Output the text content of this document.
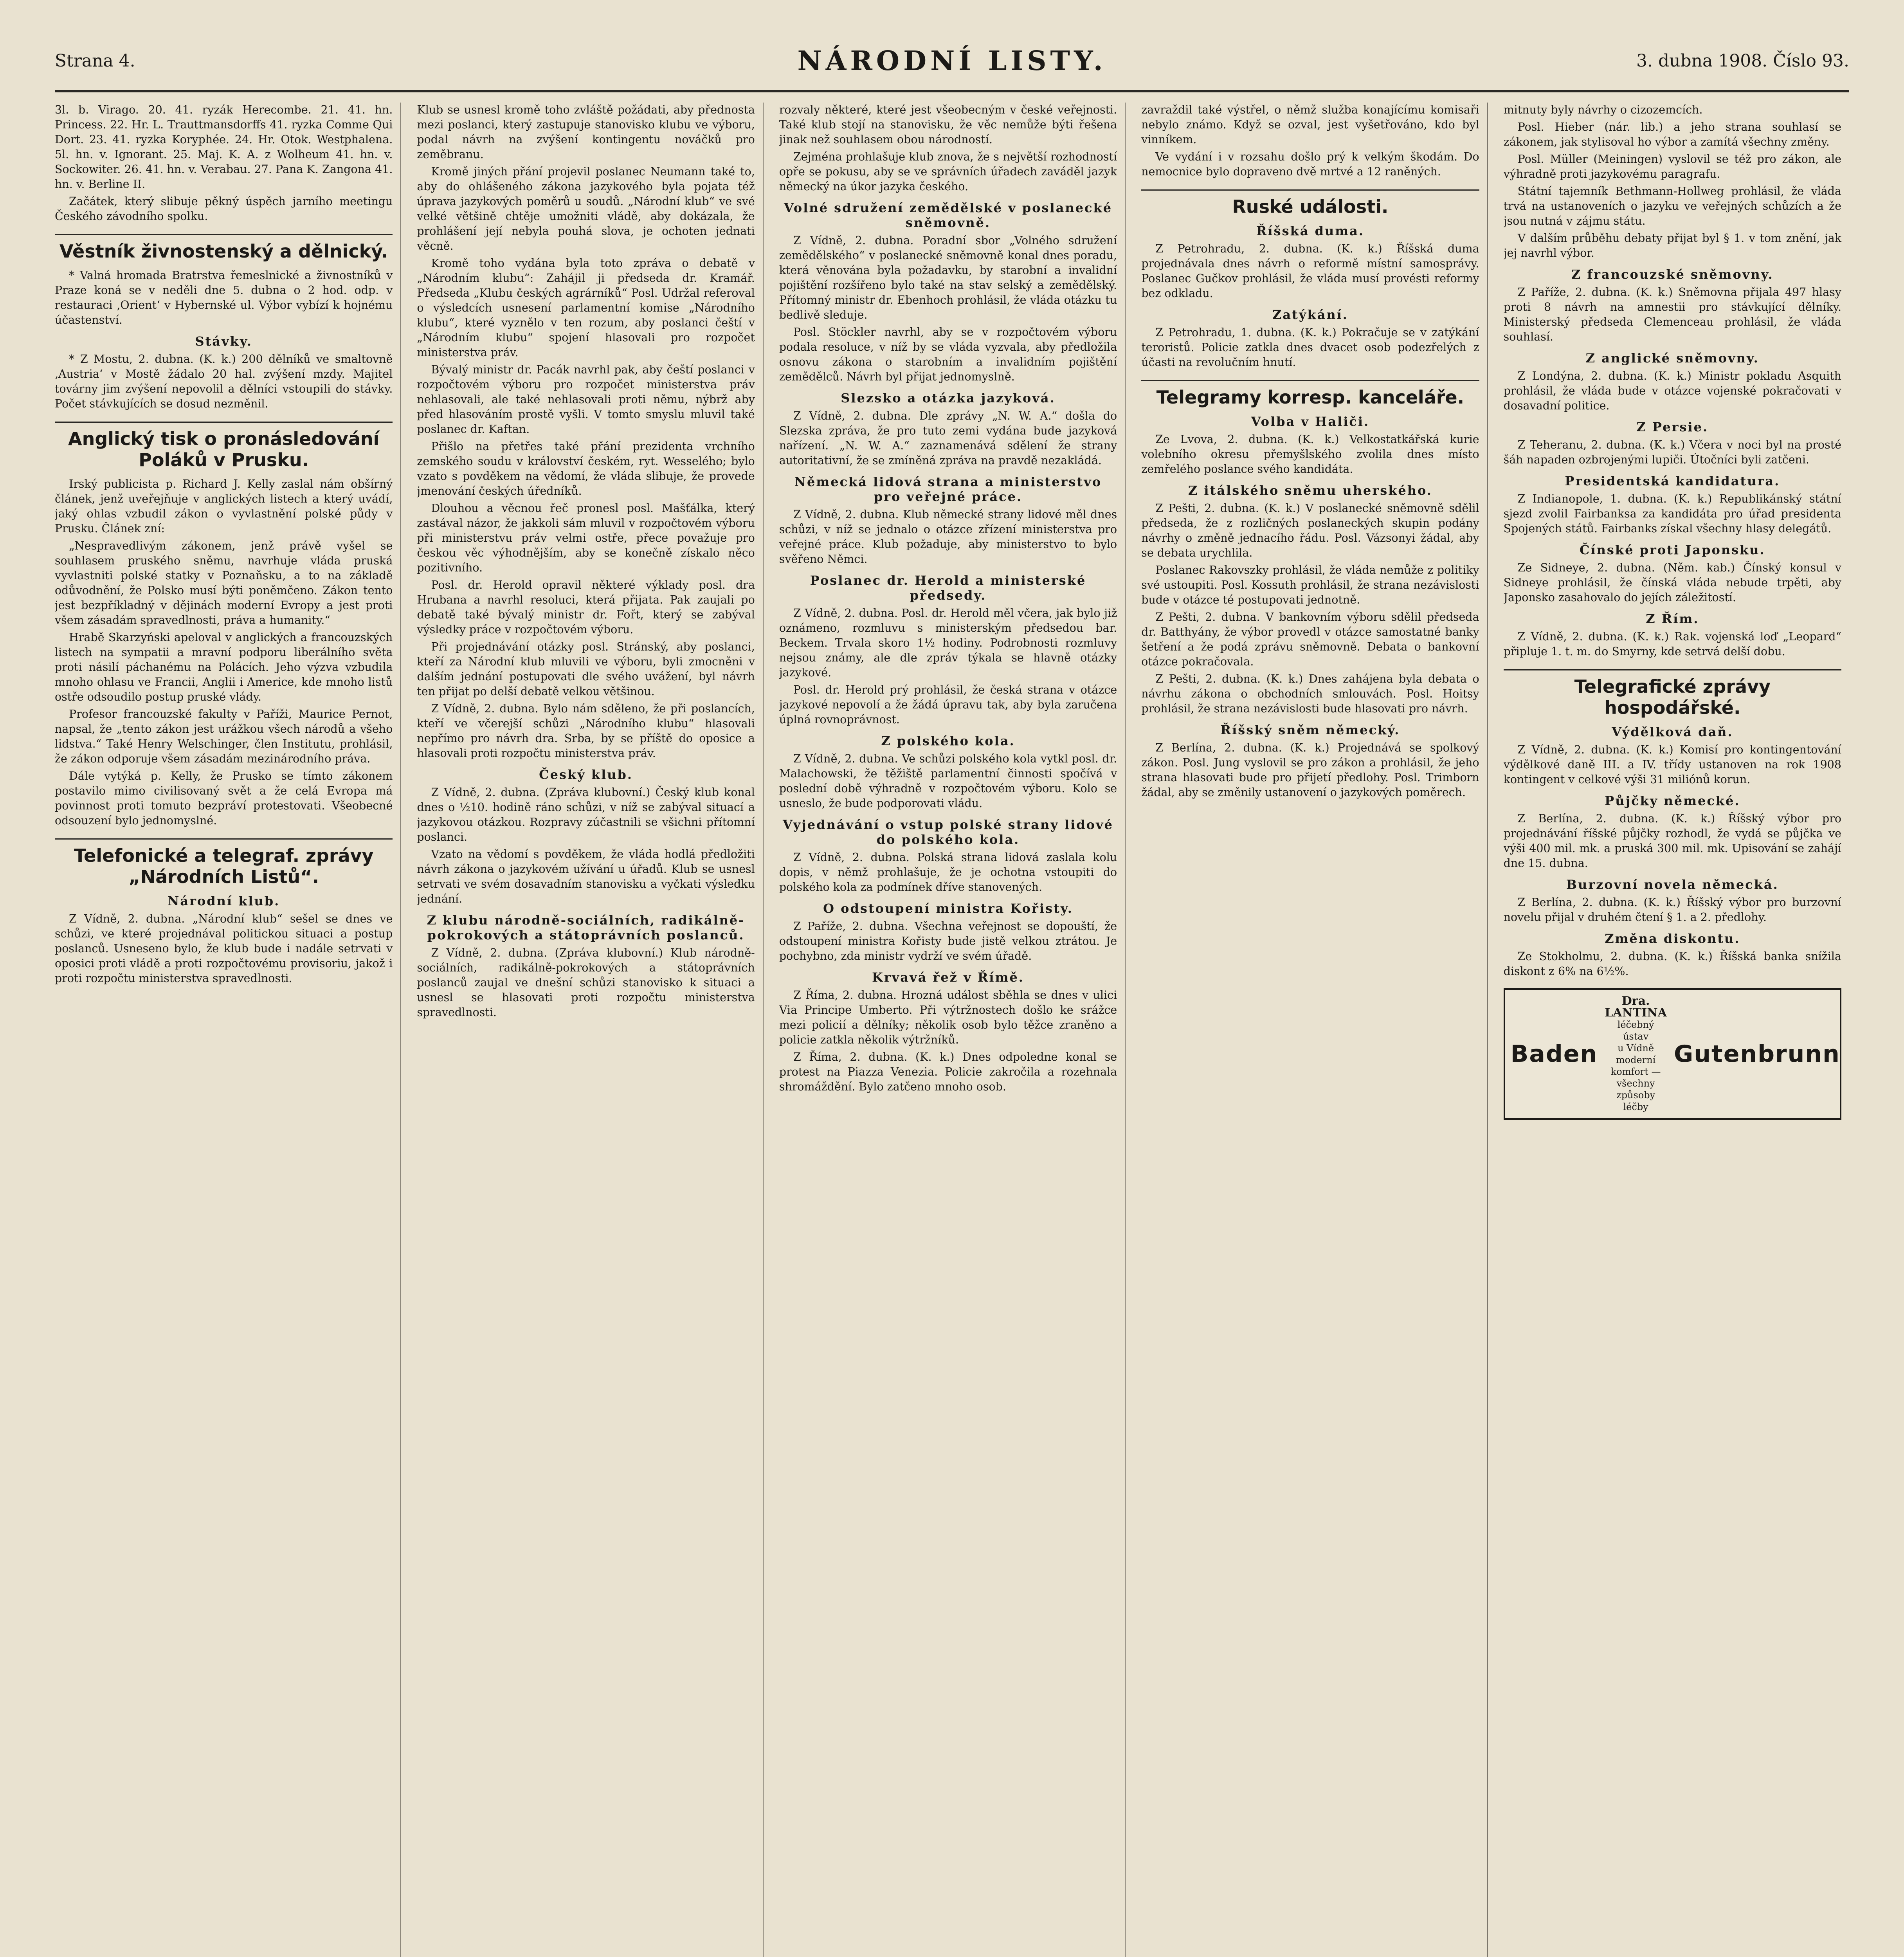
Strana 4.	NÁRODNÍ LISTY.	3. dubna 1908. Číslo 93.

3l. b. Virago. 20. 41. ryzák Herecombe. 21. 41. hn. Princess. 22. Hr. L. Trauttmansdorffs 41. ryzka Comme Qui Dort. 23. 41. ryzka Koryphée. 24. Hr. Otok. Westphalena. 5l. hn. v. Ignorant. 25. Maj. K. A. z Wolheum 41. hn. v. Sockowiter. 26. 41. hn. v. Verabau. 27. Pana K. Zangona 41. hn. v. Berline II.

Začátek, který slibuje pěkný úspěch jarního meetingu Českého závodního spolku.

Věstník živnostenský a dělnický.

* Valná hromada Bratrstva řemeslnické a živnostníků v Praze koná se v neděli dne 5. dubna o 2 hod. odp. v restauraci ‚Orient‘ v Hybernské ul. Výbor vybízí k hojnému účastenství.

Stávky.

* Z Mostu, 2. dubna. (K. k.) 200 dělníků ve smaltovně ‚Austria‘ v Mostě žádalo 20 hal. zvýšení mzdy. Majitel továrny jim zvýšení nepovolil a dělníci vstoupili do stávky. Počet stávkujících se dosud nezměnil.

Anglický tisk o pronásledování Poláků v Prusku.

Irský publicista p. Richard J. Kelly zaslal nám obšírný článek, jenž uveřejňuje v anglických listech a který uvádí, jaký ohlas vzbudil zákon o vyvlastnění polské půdy v Prusku. Článek zní:

„Nespravedlivým zákonem, jenž právě vyšel se souhlasem pruského sněmu, navrhuje vláda pruská vyvlastniti polské statky v Poznaňsku, a to na základě odůvodnění, že Polsko musí býti poněmčeno. Zákon tento jest bezpříkladný v dějinách moderní Evropy a jest proti všem zásadám spravedlnosti, práva a humanity.“

Hrabě Skarzyński apeloval v anglických a francouzských listech na sympatii a mravní podporu liberálního světa proti násilí páchanému na Polácích. Jeho výzva vzbudila mnoho ohlasu ve Francii, Anglii i Americe, kde mnoho listů ostře odsoudilo postup pruské vlády.

Profesor francouzské fakulty v Paříži, Maurice Pernot, napsal, že „tento zákon jest urážkou všech národů a všeho lidstva.“ Také Henry Welschinger, člen Institutu, prohlásil, že zákon odporuje všem zásadám mezinárodního práva.

Dále vytýká p. Kelly, že Prusko se tímto zákonem postavilo mimo civilisovaný svět a že celá Evropa má povinnost proti tomuto bezpráví protestovati. Všeobecné odsouzení bylo jednomyslné.

Telefonické a telegraf. zprávy „Národních Listů“.
Národní klub.

Z Vídně, 2. dubna. „Národní klub“ sešel se dnes ve schůzi, ve které projednával politickou situaci a postup poslanců. Usneseno bylo, že klub bude i nadále setrvati v oposici proti vládě a proti rozpočtovému provisoriu, jakož i proti rozpočtu ministerstva spravedlnosti.

Klub se usnesl kromě toho zvláště požádati, aby přednosta mezi poslanci, který zastupuje stanovisko klubu ve výboru, podal návrh na zvýšení kontingentu nováčků pro zeměbranu.

Kromě jiných přání projevil poslanec Neumann také to, aby do ohlášeného zákona jazykového byla pojata též úprava jazykových poměrů u soudů. „Národní klub“ ve své velké většině chtěje umožniti vládě, aby dokázala, že prohlášení její nebyla pouhá slova, je ochoten jednati věcně.

Kromě toho vydána byla toto zpráva o debatě v „Národním klubu“: Zahájil ji předseda dr. Kramář. Předseda „Klubu českých agrárníků“ Posl. Udržal referoval o výsledcích usnesení parlamentní komise „Národního klubu“, které vyznělo v ten rozum, aby poslanci čeští v „Národním klubu“ spojení hlasovali pro rozpočet ministerstva práv.

Bývalý ministr dr. Pacák navrhl pak, aby čeští poslanci v rozpočtovém výboru pro rozpočet ministerstva práv nehlasovali, ale také nehlasovali proti němu, nýbrž aby před hlasováním prostě vyšli. V tomto smyslu mluvil také poslanec dr. Kaftan.

Přišlo na přetřes také přání prezidenta vrchního zemského soudu v království českém, ryt. Wesselého; bylo vzato s povděkem na vědomí, že vláda slibuje, že provede jmenování českých úředníků.

Dlouhou a věcnou řeč pronesl posl. Mašťálka, který zastával názor, že jakkoli sám mluvil v rozpočtovém výboru při ministerstvu práv velmi ostře, přece považuje pro českou věc výhodnějším, aby se konečně získalo něco pozitivního.

Posl. dr. Herold opravil některé výklady posl. dra Hrubana a navrhl resoluci, která přijata. Pak zaujali po debatě také bývalý ministr dr. Fořt, který se zabýval výsledky práce v rozpočtovém výboru.

Při projednávání otázky posl. Stránský, aby poslanci, kteří za Národní klub mluvili ve výboru, byli zmocněni v dalším jednání postupovati dle svého uvážení, byl návrh ten přijat po delší debatě velkou většinou.

Z Vídně, 2. dubna. Bylo nám sděleno, že při poslancích, kteří ve včerejší schůzi „Národního klubu“ hlasovali nepřímo pro návrh dra. Srba, by se příště do oposice a hlasovali proti rozpočtu ministerstva práv.

Český klub.

Z Vídně, 2. dubna. (Zpráva klubovní.) Český klub konal dnes o ½10. hodině ráno schůzi, v níž se zabýval situací a jazykovou otázkou. Rozpravy zúčastnili se všichni přítomní poslanci.

Vzato na vědomí s povděkem, že vláda hodlá předložiti návrh zákona o jazykovém užívání u úřadů. Klub se usnesl setrvati ve svém dosavadním stanovisku a vyčkati výsledku jednání.

Z klubu národně-sociálních, radikálně-pokrokových a státoprávních poslanců.

Z Vídně, 2. dubna. (Zpráva klubovní.) Klub národně-sociálních, radikálně-pokrokových a státoprávních poslanců zaujal ve dnešní schůzi stanovisko k situaci a usnesl se hlasovati proti rozpočtu ministerstva spravedlnosti.

rozvaly některé, které jest všeobecným v české veřejnosti. Také klub stojí na stanovisku, že věc nemůže býti řešena jinak než souhlasem obou národností.

Zejména prohlašuje klub znova, že s největší rozhodností opře se pokusu, aby se ve správních úřadech zaváděl jazyk německý na úkor jazyka českého.

Volné sdružení zemědělské v poslanecké sněmovně.

Z Vídně, 2. dubna. Poradní sbor „Volného sdružení zemědělského“ v poslanecké sněmovně konal dnes poradu, která věnována byla požadavku, by starobní a invalidní pojištění rozšířeno bylo také na stav selský a zemědělský. Přítomný ministr dr. Ebenhoch prohlásil, že vláda otázku tu bedlivě sleduje.

Posl. Stöckler navrhl, aby se v rozpočtovém výboru podala resoluce, v níž by se vláda vyzvala, aby předložila osnovu zákona o starobním a invalidním pojištění zemědělců. Návrh byl přijat jednomyslně.

Slezsko a otázka jazyková.

Z Vídně, 2. dubna. Dle zprávy „N. W. A.“ došla do Slezska zpráva, že pro tuto zemi vydána bude jazyková nařízení. „N. W. A.“ zaznamenává sdělení že strany autoritativní, že se zmíněná zpráva na pravdě nezakládá.

Německá lidová strana a ministerstvo pro veřejné práce.

Z Vídně, 2. dubna. Klub německé strany lidové měl dnes schůzi, v níž se jednalo o otázce zřízení ministerstva pro veřejné práce. Klub požaduje, aby ministerstvo to bylo svěřeno Němci.

Poslanec dr. Herold a ministerské předsedy.

Z Vídně, 2. dubna. Posl. dr. Herold měl včera, jak bylo již oznámeno, rozmluvu s ministerským předsedou bar. Beckem. Trvala skoro 1½ hodiny. Podrobnosti rozmluvy nejsou známy, ale dle zpráv týkala se hlavně otázky jazykové.

Posl. dr. Herold prý prohlásil, že česká strana v otázce jazykové nepovolí a že žádá úpravu tak, aby byla zaručena úplná rovnoprávnost.

Z polského kola.

Z Vídně, 2. dubna. Ve schůzi polského kola vytkl posl. dr. Malachowski, že těžiště parlamentní činnosti spočívá v poslední době výhradně v rozpočtovém výboru. Kolo se usneslo, že bude podporovati vládu.

Vyjednávání o vstup polské strany lidové do polského kola.

Z Vídně, 2. dubna. Polská strana lidová zaslala kolu dopis, v němž prohlašuje, že je ochotna vstoupiti do polského kola za podmínek dříve stanovených.

O odstoupení ministra Kořisty.

Z Paříže, 2. dubna. Všechna veřejnost se dopouští, že odstoupení ministra Kořisty bude jistě velkou ztrátou. Je pochybno, zda ministr vydrží ve svém úřadě.

Krvavá řež v Římě.

Z Říma, 2. dubna. Hrozná událost sběhla se dnes v ulici Via Principe Umberto. Při výtržnostech došlo ke srážce mezi policií a dělníky; několik osob bylo těžce zraněno a policie zatkla několik výtržníků.

Z Říma, 2. dubna. (K. k.) Dnes odpoledne konal se protest na Piazza Venezia. Policie zakročila a rozehnala shromáždění. Bylo zatčeno mnoho osob.

zavraždil také výstřel, o němž služba konajícímu komisaři nebylo známo. Když se ozval, jest vyšetřováno, kdo byl vinníkem.

Ve vydání i v rozsahu došlo prý k velkým škodám. Do nemocnice bylo dopraveno dvě mrtvé a 12 raněných.

Ruské události.
Říšská duma.

Z Petrohradu, 2. dubna. (K. k.) Říšská duma projednávala dnes návrh o reformě místní samosprávy. Poslanec Gučkov prohlásil, že vláda musí provésti reformy bez odkladu.

Zatýkání.

Z Petrohradu, 1. dubna. (K. k.) Pokračuje se v zatýkání teroristů. Policie zatkla dnes dvacet osob podezřelých z účasti na revolučním hnutí.

Telegramy korresp. kanceláře.
Volba v Haliči.

Ze Lvova, 2. dubna. (K. k.) Velkostatkářská kurie volebního okresu přemyšlského zvolila dnes místo zemřelého poslance svého kandidáta.

Z itálského sněmu uherského.

Z Pešti, 2. dubna. (K. k.) V poslanecké sněmovně sdělil předseda, že z rozličných poslaneckých skupin podány návrhy o změně jednacího řádu. Posl. Vázsonyi žádal, aby se debata urychlila.

Poslanec Rakovszky prohlásil, že vláda nemůže z politiky své ustoupiti. Posl. Kossuth prohlásil, že strana nezávislosti bude v otázce té postupovati jednotně.

Z Pešti, 2. dubna. V bankovním výboru sdělil předseda dr. Batthyány, že výbor provedl v otázce samostatné banky šetření a že podá zprávu sněmovně. Debata o bankovní otázce pokračovala.

Z Pešti, 2. dubna. (K. k.) Dnes zahájena byla debata o návrhu zákona o obchodních smlouvách. Posl. Hoitsy prohlásil, že strana nezávislosti bude hlasovati pro návrh.

Říšský sněm německý.

Z Berlína, 2. dubna. (K. k.) Projednává se spolkový zákon. Posl. Jung vyslovil se pro zákon a prohlásil, že jeho strana hlasovati bude pro přijetí předlohy. Posl. Trimborn žádal, aby se změnily ustanovení o jazykových poměrech.

mitnuty byly návrhy o cizozemcích.

Posl. Hieber (nár. lib.) a jeho strana souhlasí se zákonem, jak stylisoval ho výbor a zamítá všechny změny.

Posl. Müller (Meiningen) vyslovil se též pro zákon, ale výhradně proti jazykovému paragrafu.

Státní tajemník Bethmann-Hollweg prohlásil, že vláda trvá na ustanoveních o jazyku ve veřejných schůzích a že jsou nutná v zájmu státu.

V dalším průběhu debaty přijat byl § 1. v tom znění, jak jej navrhl výbor.

Z francouzské sněmovny.

Z Paříže, 2. dubna. (K. k.) Sněmovna přijala 497 hlasy proti 8 návrh na amnestii pro stávkující dělníky. Ministerský předseda Clemenceau prohlásil, že vláda souhlasí.

Z anglické sněmovny.

Z Londýna, 2. dubna. (K. k.) Ministr pokladu Asquith prohlásil, že vláda bude v otázce vojenské pokračovati v dosavadní politice.

Z Persie.

Z Teheranu, 2. dubna. (K. k.) Včera v noci byl na prosté šáh napaden ozbrojenými lupiči. Útočníci byli zatčeni.

Presidentská kandidatura.

Z Indianopole, 1. dubna. (K. k.) Republikánský státní sjezd zvolil Fairbanksa za kandidáta pro úřad presidenta Spojených států. Fairbanks získal všechny hlasy delegátů.

Čínské proti Japonsku.

Ze Sidneye, 2. dubna. (Něm. kab.) Čínský konsul v Sidneye prohlásil, že čínská vláda nebude trpěti, aby Japonsko zasahovalo do jejích záležitostí.

Z Řím.

Z Vídně, 2. dubna. (K. k.) Rak. vojenská loď „Leopard“ připluje 1. t. m. do Smyrny, kde setrvá delší dobu.

Telegrafické zprávy hospodářské.
Výdělková daň.

Z Vídně, 2. dubna. (K. k.) Komisí pro kontingentování výdělkové daně III. a IV. třídy ustanoven na rok 1908 kontingent v celkové výši 31 miliónů korun.

Půjčky německé.

Z Berlína, 2. dubna. (K. k.) Říšský výbor pro projednávání říšské půjčky rozhodl, že vydá se půjčka ve výši 400 mil. mk. a pruská 300 mil. mk. Upisování se zahájí dne 15. dubna.

Burzovní novela německá.

Z Berlína, 2. dubna. (K. k.) Říšský výbor pro burzovní novelu přijal v druhém čtení § 1. a 2. předlohy.

Změna diskontu.

Ze Stokholmu, 2. dubna. (K. k.) Říšská banka snížila diskont z 6% na 6½%.

Baden
Dra. LANTINA
léčebný ústav
u Vídně
moderní komfort — všechny způsoby léčby
Gutenbrunn
